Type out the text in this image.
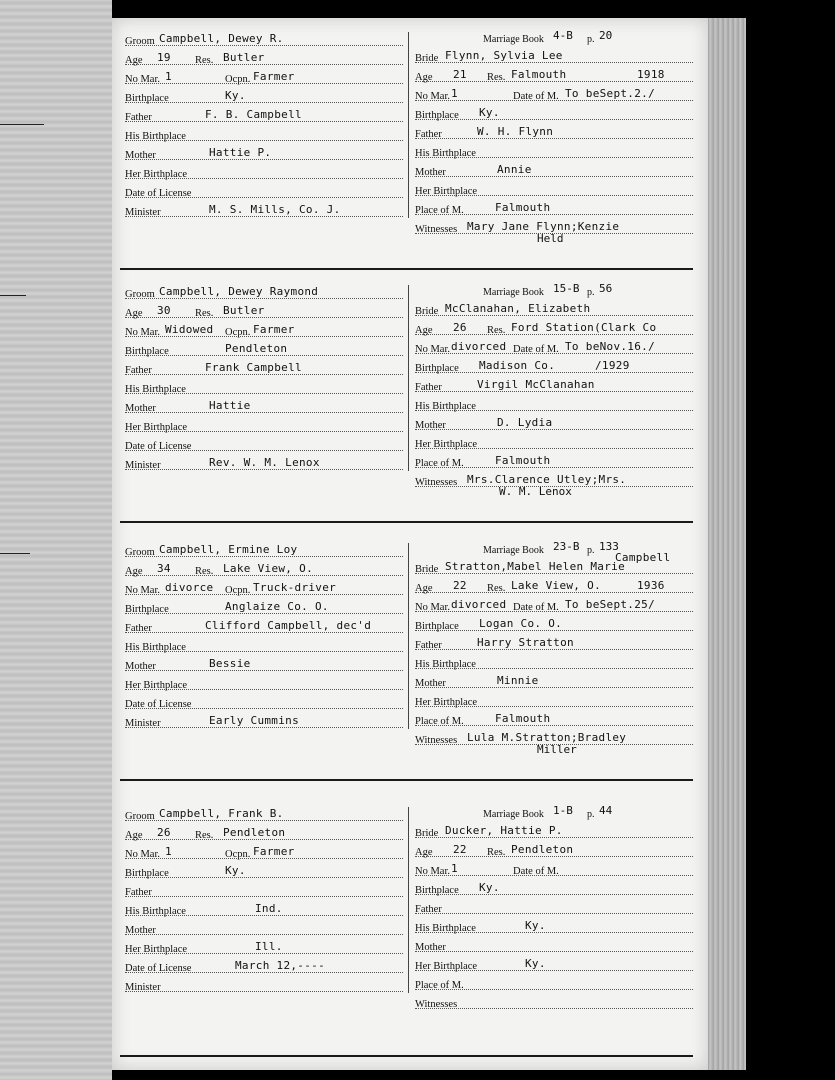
Groom Campbell, Dewey R.
Age 19 Res. Butler
No Mar. 1	Ocpn. Farmer
Birthplace	Ky.
Father	F. B. Campbell
His Birthplace
Mother	Hattie P.
Her Birthplace
Date of License
Minister	M. S. Mills, Co. J.
Marriage Book 4-B p. 20
Bride Flynn, Sylvia Lee
Age 21 Res. Falmouth	1918
No Mar. 1	Date of M. To beSept.2./
Birthplace Ky.
Father	W. H. Flynn
His Birthplace
Mother	Annie
Her Birthplace
Place of M.	Falmouth
Witnesses Mary Jane Flynn;Kenzie
Held
Groom Campbell, Dewey Raymond
Age 30 Res. Butler
No Mar. Widowed Ocpn. Farmer
Birthplace	Pendleton
Father	Frank Campbell
His Birthplace
Mother	Hattie
Her Birthplace
Date of License
Minister	Rev. W. M. Lenox
Marriage Book 15-B p. 56
Bride McClanahan, Elizabeth
Age 26 Res. Ford Station(Clark Co
No Mar. divorced Date of M. To beNov.16./
Birthplace Madison Co.	/1929
Father	Virgil McClanahan
His Birthplace
Mother	D. Lydia
Her Birthplace
Place of M.	Falmouth
Witnesses Mrs.Clarence Utley;Mrs.
W. M. Lenox
Groom Campbell, Ermine Loy
Age 34 Res. Lake View, O.
No Mar. divorce Ocpn. Truck-driver
Birthplace	Anglaize Co. O.
Father	Clifford Campbell, dec'd
His Birthplace
Mother	Bessie
Her Birthplace
Date of License
Minister	Early Cummins
Marriage Book 23-B p. 133
Bride Stratton,Mabel Helen Marie
Campbell
Age 22 Res. Lake View, O.	1936
No Mar. divorced Date of M. To beSept.25/
Birthplace Logan Co. O.
Father	Harry Stratton
His Birthplace
Mother	Minnie
Her Birthplace
Place of M.	Falmouth
Witnesses Lula M.Stratton;Bradley
Miller
Groom Campbell, Frank B.
Age 26 Res. Pendleton
No Mar. 1	Ocpn. Farmer
Birthplace	Ky.
Father
His Birthplace	Ind.
Mother
Her Birthplace	Ill.
Date of License	March 12,----
Minister
Marriage Book 1-B p. 44
Bride Ducker, Hattie P.
Age 22 Res. Pendleton
No Mar. 1	Date of M.
Birthplace Ky.
Father
His Birthplace	Ky.
Mother
Her Birthplace	Ky.
Place of M.
Witnesses
